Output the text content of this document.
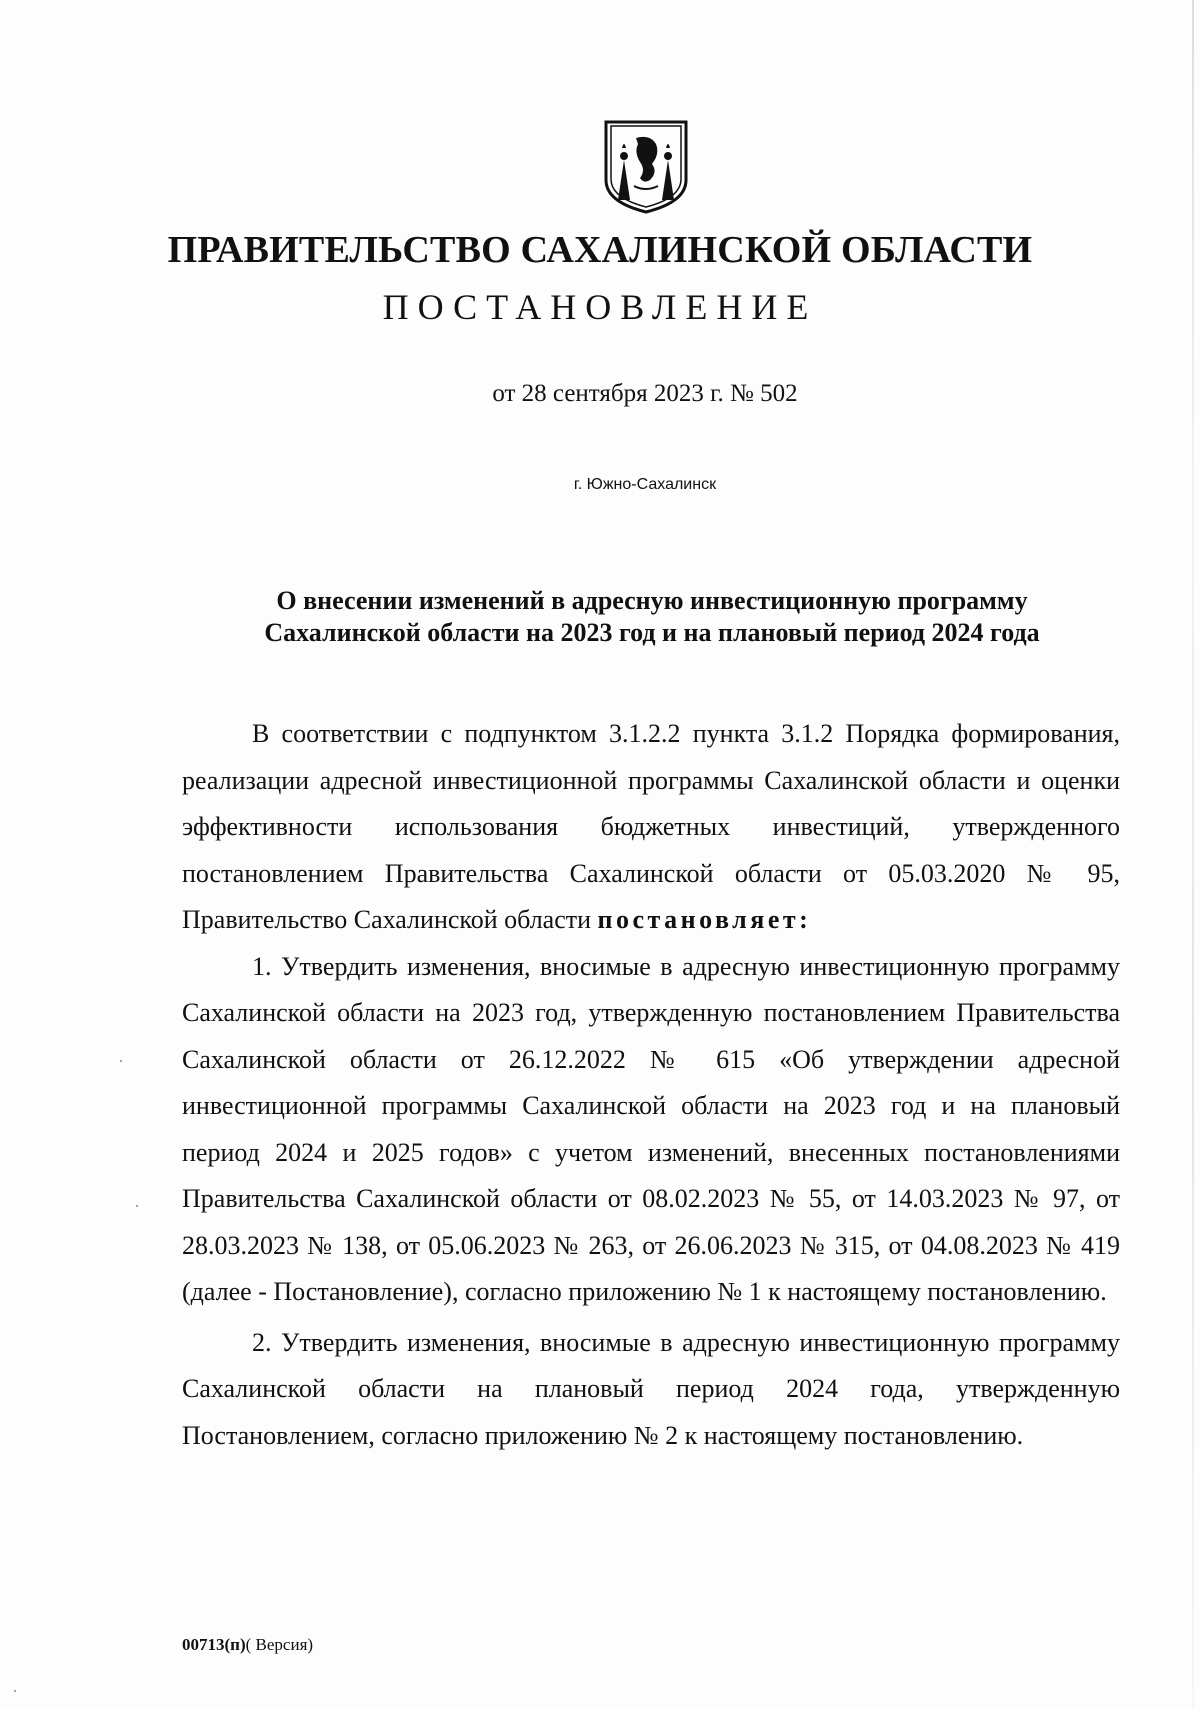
ПРАВИТЕЛЬСТВО САХАЛИНСКОЙ ОБЛАСТИ
ПОСТАНОВЛЕНИЕ
от 28 сентября 2023 г. № 502
г. Южно-Сахалинск
О внесении изменений в адресную инвестиционную программу
Сахалинской области на 2023 год и на плановый период 2024 года

В соответствии с подпунктом 3.1.2.2 пункта 3.1.2 Порядка формирования, реализации адресной инвестиционной программы Сахалинской области и оценки эффективности использования бюджетных инвестиций, утвержденного постановлением Правительства Сахалинской области от 05.03.2020 № 95, Правительство Сахалинской области постановляет:

1. Утвердить изменения, вносимые в адресную инвестиционную программу Сахалинской области на 2023 год, утвержденную постановлением Правительства Сахалинской области от 26.12.2022 № 615 «Об утверждении адресной инвестиционной программы Сахалинской области на 2023 год и на плановый период 2024 и 2025 годов» с учетом изменений, внесенных постановлениями Правительства Сахалинской области от 08.02.2023 № 55, от 14.03.2023 № 97, от 28.03.2023 № 138, от 05.06.2023 № 263, от 26.06.2023 № 315, от 04.08.2023 № 419 (далее - Постановление), согласно приложению № 1 к настоящему постановлению.

2. Утвердить изменения, вносимые в адресную инвестиционную программу Сахалинской области на плановый период 2024 года, утвержденную Постановлением, согласно приложению № 2 к настоящему постановлению.

00713(п)( Версия)
